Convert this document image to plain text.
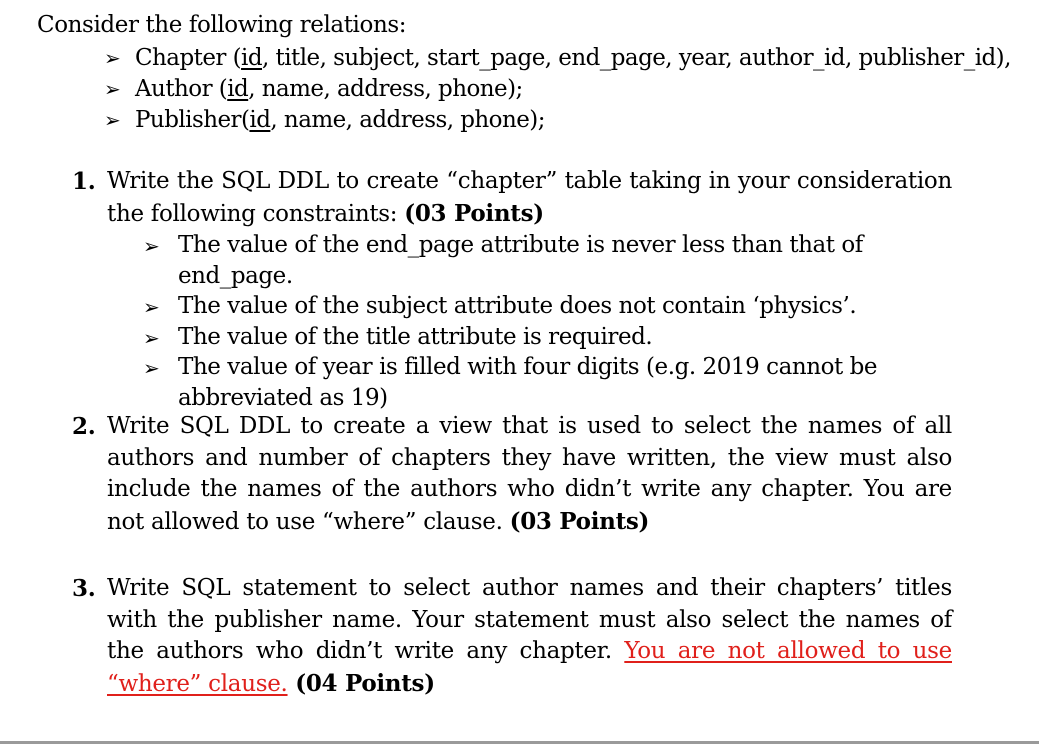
Consider the following relations:
➢ Chapter (id, title, subject, start_page, end_page, year, author_id, publisher_id),
➢ Author (id, name, address, phone);
➢ Publisher(id, name, address, phone);
1. Write the SQL DDL to create “chapter” table taking in your consideration the following constraints: (03 Points)
➢ The value of the end_page attribute is never less than that of end_page.
➢ The value of the subject attribute does not contain ‘physics’.
➢ The value of the title attribute is required.
➢ The value of year is filled with four digits (e.g. 2019 cannot be abbreviated as 19)
2. Write SQL DDL to create a view that is used to select the names of all authors and number of chapters they have written, the view must also include the names of the authors who didn’t write any chapter. You are not allowed to use “where” clause. (03 Points)
3. Write SQL statement to select author names and their chapters’ titles with the publisher name. Your statement must also select the names of the authors who didn’t write any chapter. You are not allowed to use “where” clause. (04 Points)
